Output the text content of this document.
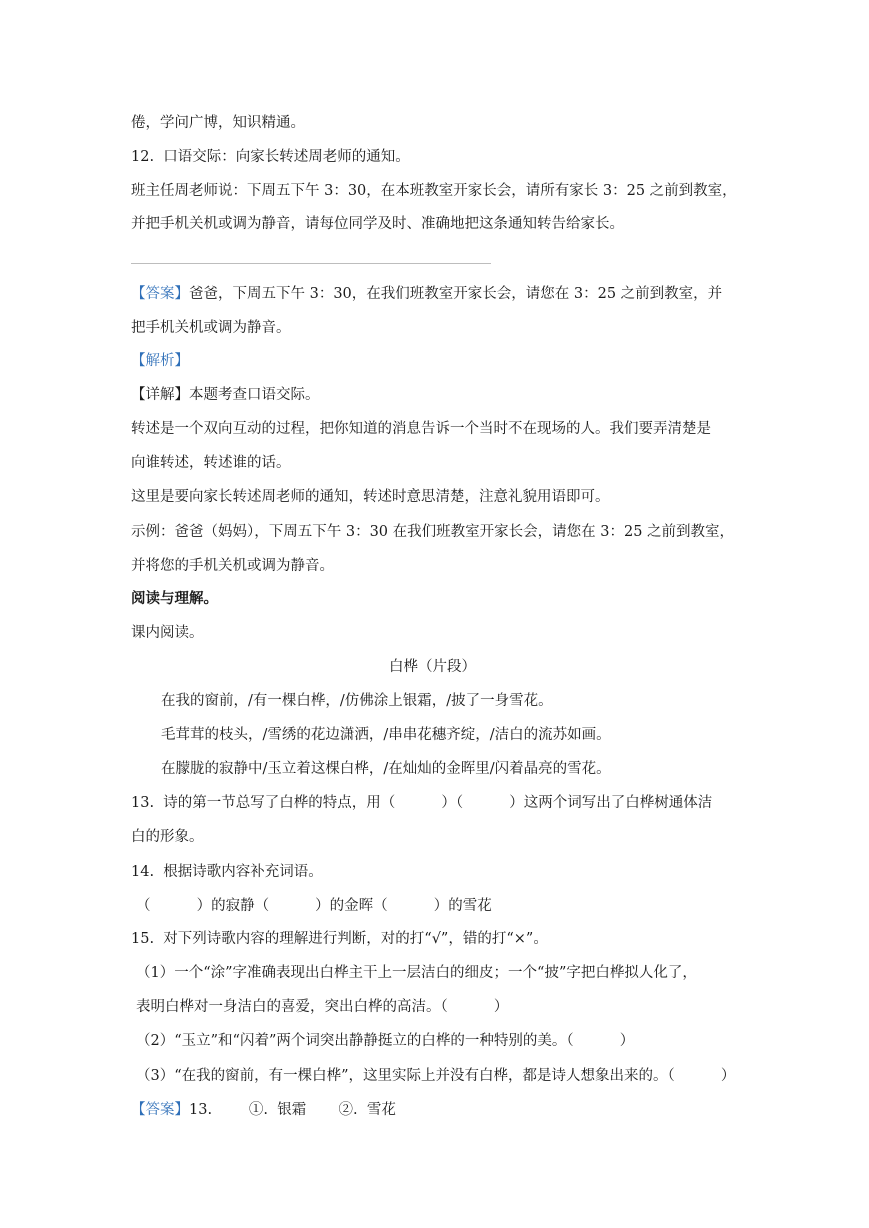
倦，学问广博，知识精通。
12.  口语交际：向家长转述周老师的通知。
班主任周老师说：下周五下午 3：30，在本班教室开家长会，请所有家长 3：25 之前到教室，
并把手机关机或调为静音，请每位同学及时、准确地把这条通知转告给家长。
【答案】爸爸，下周五下午 3：30，在我们班教室开家长会，请您在 3：25 之前到教室，并
把手机关机或调为静音。
【解析】
【详解】本题考查口语交际。
转述是一个双向互动的过程，把你知道的消息告诉一个当时不在现场的人。我们要弄清楚是
向谁转述，转述谁的话。
这里是要向家长转述周老师的通知，转述时意思清楚，注意礼貌用语即可。
示例：爸爸（妈妈），下周五下午 3：30 在我们班教室开家长会，请您在 3：25 之前到教室，
并将您的手机关机或调为静音。
阅读与理解。
课内阅读。
白桦（片段）
在我的窗前，/有一棵白桦，/仿佛涂上银霜，/披了一身雪花。
毛茸茸的枝头，/雪绣的花边潇洒，/串串花穗齐绽，/洁白的流苏如画。
在朦胧的寂静中/玉立着这棵白桦，/在灿灿的金晖里/闪着晶亮的雪花。
13.  诗的第一节总写了白桦的特点，用（          ）（          ）这两个词写出了白桦树通体洁
白的形象。
14.  根据诗歌内容补充词语。
（          ）的寂静（          ）的金晖（          ）的雪花
15.  对下列诗歌内容的理解进行判断，对的打“√”，错的打“×”。
（1）一个“涂”字准确表现出白桦主干上一层洁白的细皮；一个“披”字把白桦拟人化了，
表明白桦对一身洁白的喜爱，突出白桦的高洁。（          ）
（2）“玉立”和“闪着”两个词突出静静挺立的白桦的一种特别的美。（          ）
（3）“在我的窗前，有一棵白桦”，这里实际上并没有白桦，都是诗人想象出来的。（          ）
【答案】13.        ①.  银霜       ②.  雪花
